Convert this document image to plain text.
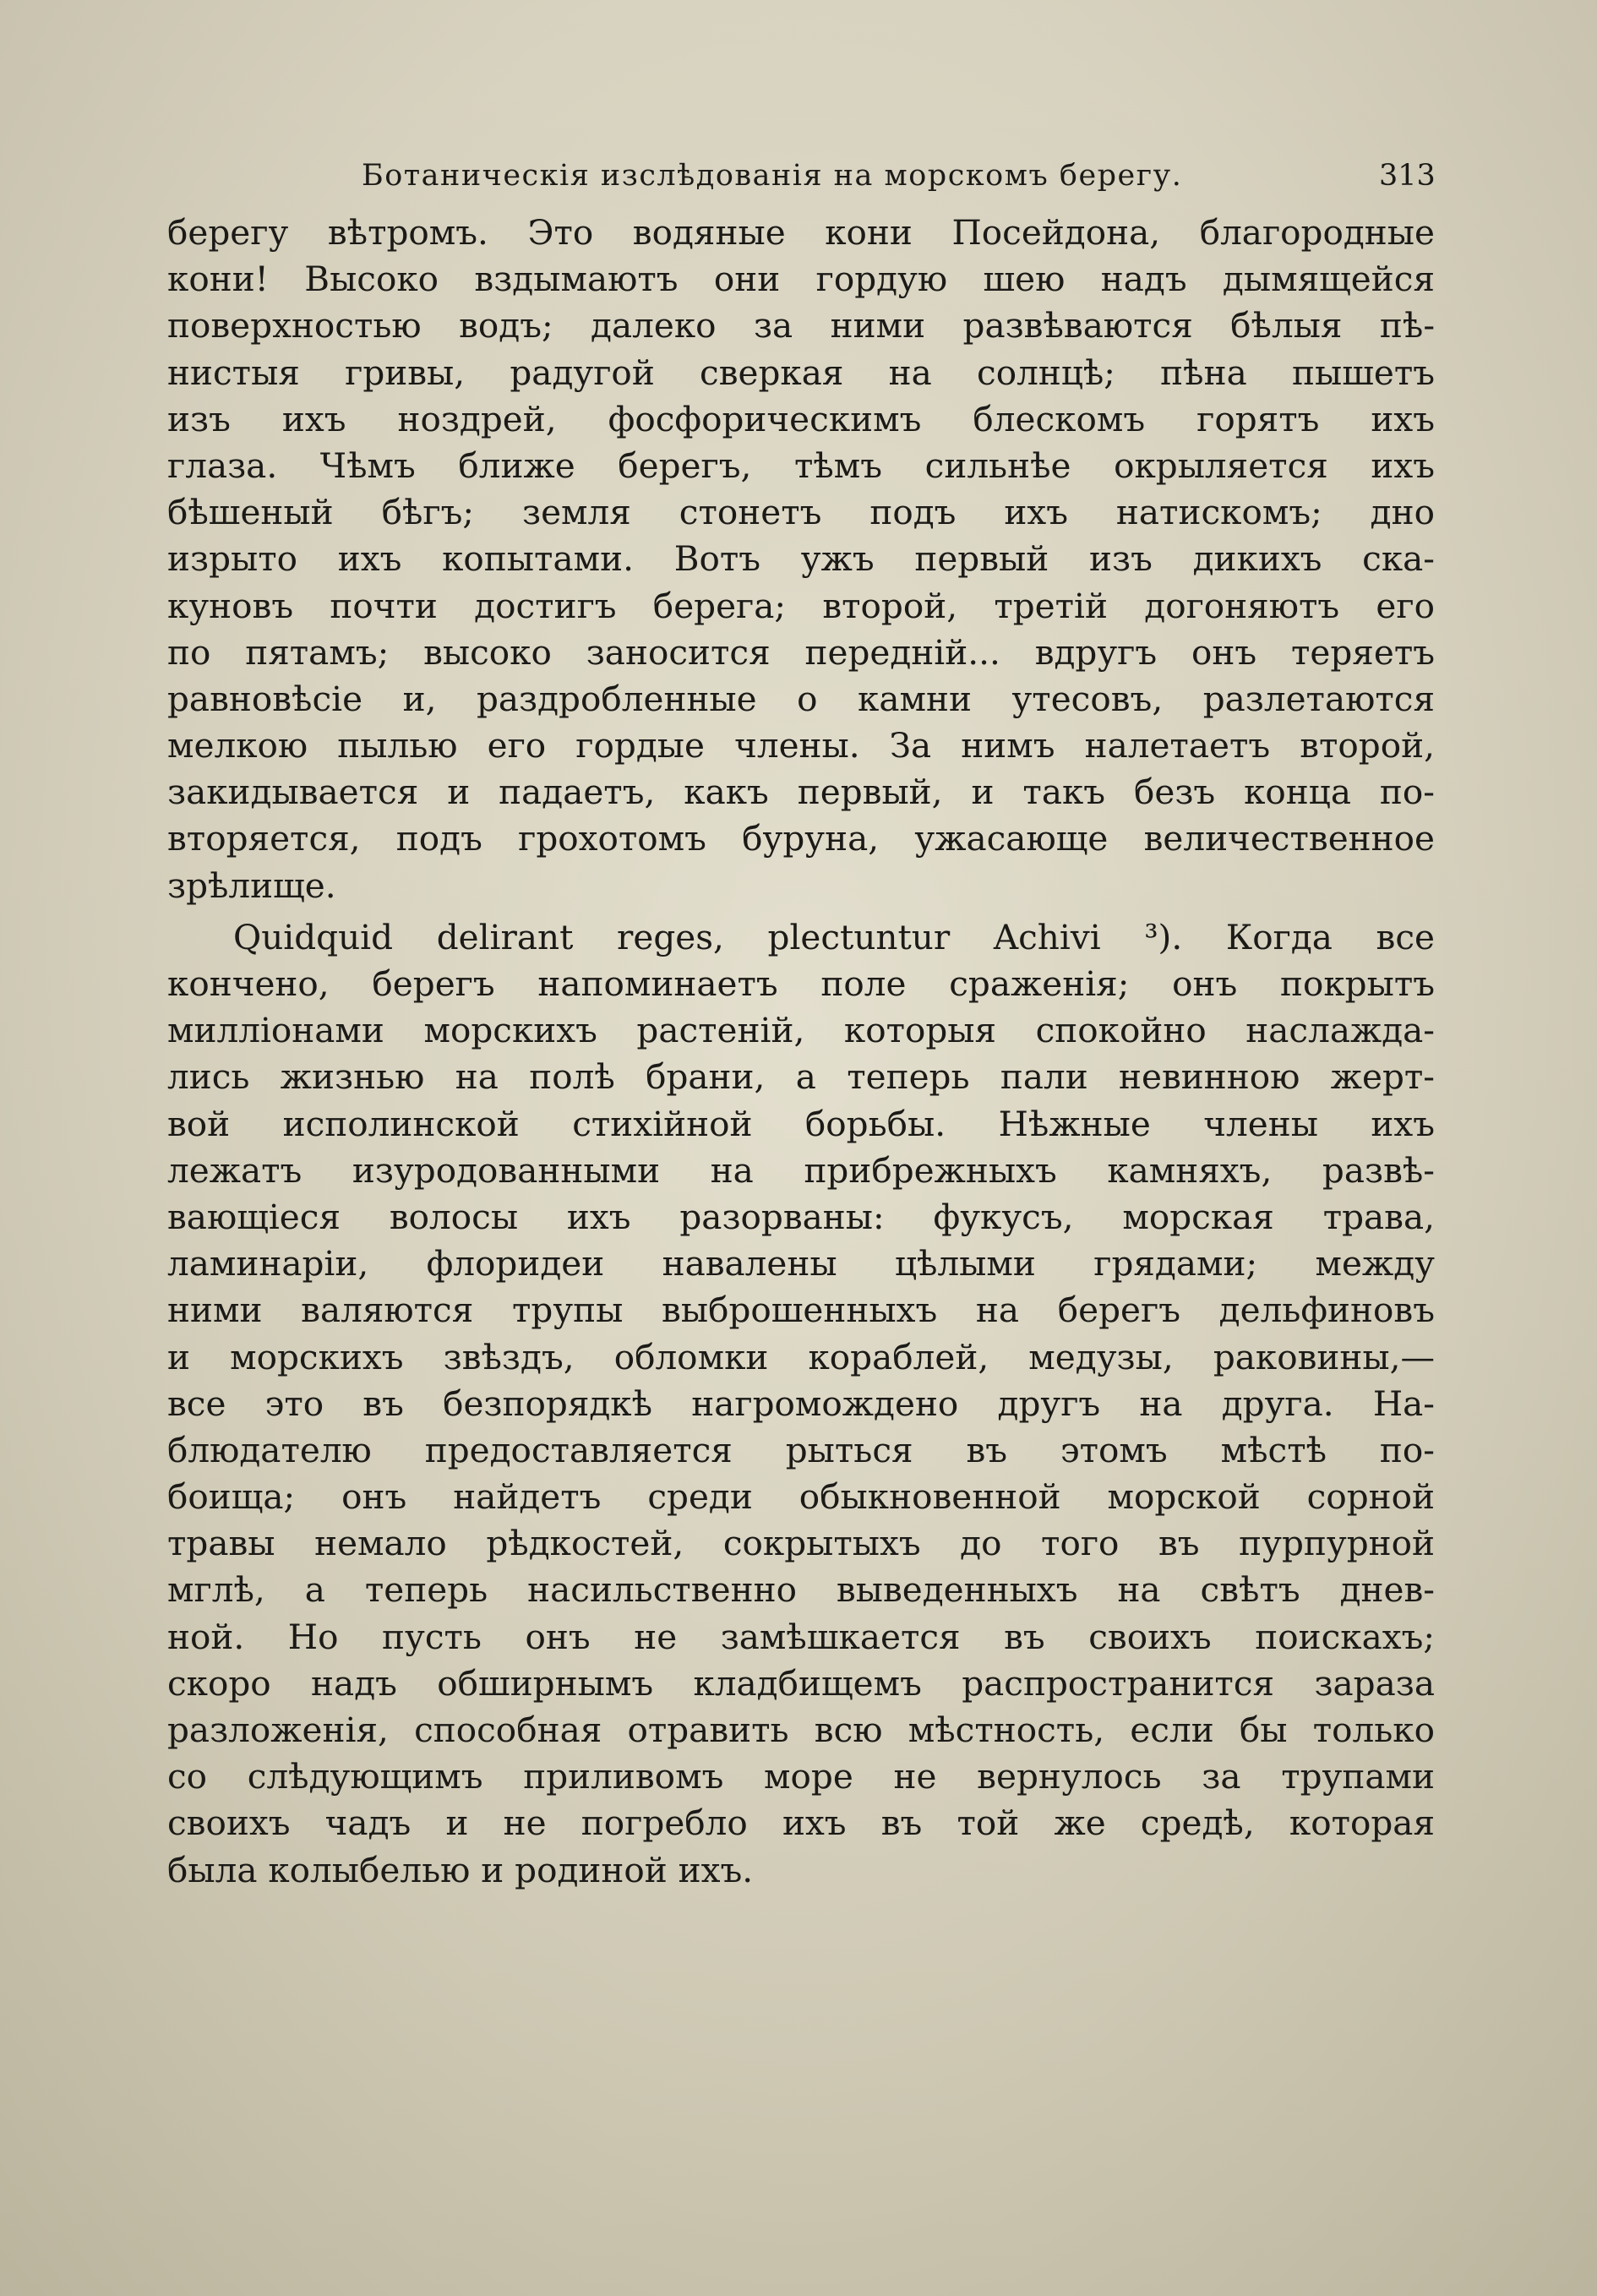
Ботаническія изслѣдованія на морскомъ берегу.	313
берегу вѣтромъ. Это водяные кони Посейдона, благородные
кони! Высоко вздымаютъ они гордую шею надъ дымящейся
поверхностью водъ; далеко за ними развѣваются бѣлыя пѣ-
нистыя гривы, радугой сверкая на солнцѣ; пѣна пышетъ
изъ ихъ ноздрей, фосфорическимъ блескомъ горятъ ихъ
глаза. Чѣмъ ближе берегъ, тѣмъ сильнѣе окрыляется ихъ
бѣшеный бѣгъ; земля стонетъ подъ ихъ натискомъ; дно
изрыто ихъ копытами. Вотъ ужъ первый изъ дикихъ ска-
куновъ почти достигъ берега; второй, третій догоняютъ его
по пятамъ; высоко заносится передній... вдругъ онъ теряетъ
равновѣсіе и, раздробленные о камни утесовъ, разлетаются
мелкою пылью его гордые члены. За нимъ налетаетъ второй,
закидывается и падаетъ, какъ первый, и такъ безъ конца по-
вторяется, подъ грохотомъ буруна, ужасающе величественное
зрѣлище.
Quidquid delirant reges, plectuntur Achivi ³). Когда все
кончено, берегъ напоминаетъ поле сраженія; онъ покрытъ
милліонами морскихъ растеній, которыя спокойно наслажда-
лись жизнью на полѣ брани, а теперь пали невинною жерт-
вой исполинской стихійной борьбы. Нѣжные члены ихъ
лежатъ изуродованными на прибрежныхъ камняхъ, развѣ-
вающіеся волосы ихъ разорваны: фукусъ, морская трава,
ламинаріи, флоридеи навалены цѣлыми грядами; между
ними валяются трупы выброшенныхъ на берегъ дельфиновъ
и морскихъ звѣздъ, обломки кораблей, медузы, раковины,—
все это въ безпорядкѣ нагромождено другъ на друга. На-
блюдателю предоставляется рыться въ этомъ мѣстѣ по-
боища; онъ найдетъ среди обыкновенной морской сорной
травы немало рѣдкостей, сокрытыхъ до того въ пурпурной
мглѣ, а теперь насильственно выведенныхъ на свѣтъ днев-
ной. Но пусть онъ не замѣшкается въ своихъ поискахъ;
скоро надъ обширнымъ кладбищемъ распространится зараза
разложенія, способная отравить всю мѣстность, если бы только
со слѣдующимъ приливомъ море не вернулось за трупами
своихъ чадъ и не погребло ихъ въ той же средѣ, которая
была колыбелью и родиной ихъ.
